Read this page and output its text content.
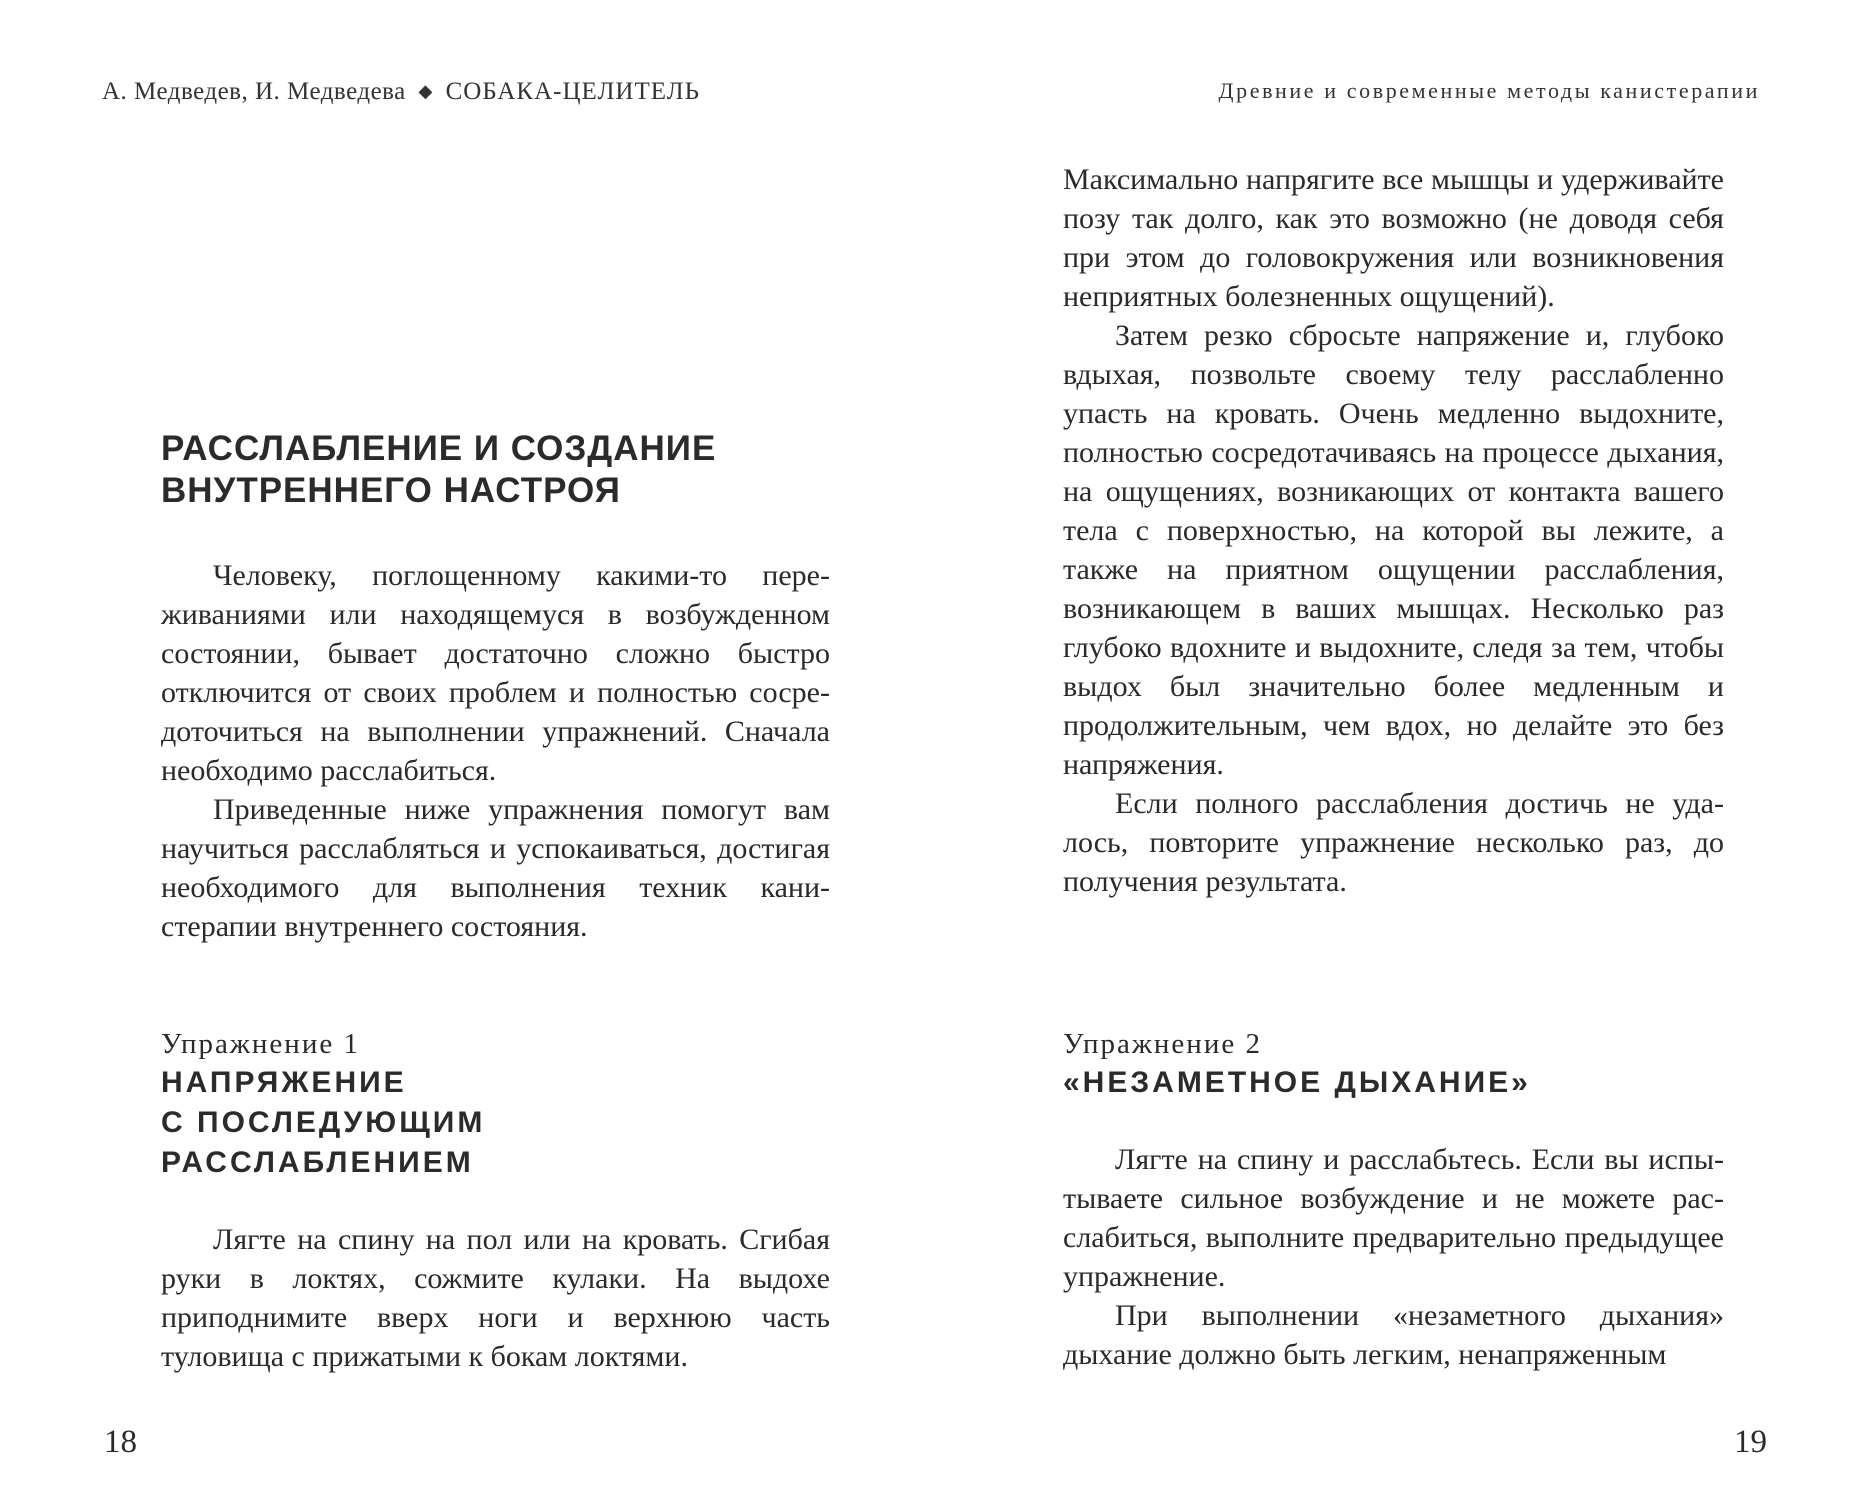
А. Медведев, И. Медведева ◆ СОБАКА-ЦЕЛИТЕЛЬ
РАССЛАБЛЕНИЕ И СОЗДАНИЕ
ВНУТРЕННЕГО НАСТРОЯ

Человеку, поглощенному какими-то переживаниями или находящемуся в возбужденном состоянии, бывает достаточно сложно быстро отключится от своих проблем и полностью сосредоточиться на выполнении упражнений. Сначала необходимо расслабиться.

Приведенные ниже упражнения помогут вам научиться расслабляться и успокаиваться, достигая необходимого для выполнения техник канистерапии внутреннего состояния.

Упражнение 1

НАПРЯЖЕНИЕ
С ПОСЛЕДУЮЩИМ
РАССЛАБЛЕНИЕМ

Лягте на спину на пол или на кровать. Сгибая руки в локтях, сожмите кулаки. На выдохе приподнимите вверх ноги и верхнюю часть туловища с прижатыми к бокам локтями.

18
Древние и современные методы канистерапии

Максимально напрягите все мышцы и удерживайте позу так долго, как это возможно (не доводя себя при этом до головокружения или возникновения неприятных болезненных ощущений).

Затем резко сбросьте напряжение и, глубоко вдыхая, позвольте своему телу расслабленно упасть на кровать. Очень медленно выдохните, полностью сосредотачиваясь на процессе дыхания, на ощущениях, возникающих от контакта вашего тела с поверхностью, на которой вы лежите, а также на приятном ощущении расслабления, возникающем в ваших мышцах. Несколько раз глубоко вдохните и выдохните, следя за тем, чтобы выдох был значительно более медленным и продолжительным, чем вдох, но делайте это без напряжения.

Если полного расслабления достичь не удалось, повторите упражнение несколько раз, до получения результата.

Упражнение 2

«НЕЗАМЕТНОЕ ДЫХАНИЕ»

Лягте на спину и расслабьтесь. Если вы испытываете сильное возбуждение и не можете расслабиться, выполните предварительно предыдущее упражнение.

При выполнении «незаметного дыхания» дыхание должно быть легким, ненапряженным

19
